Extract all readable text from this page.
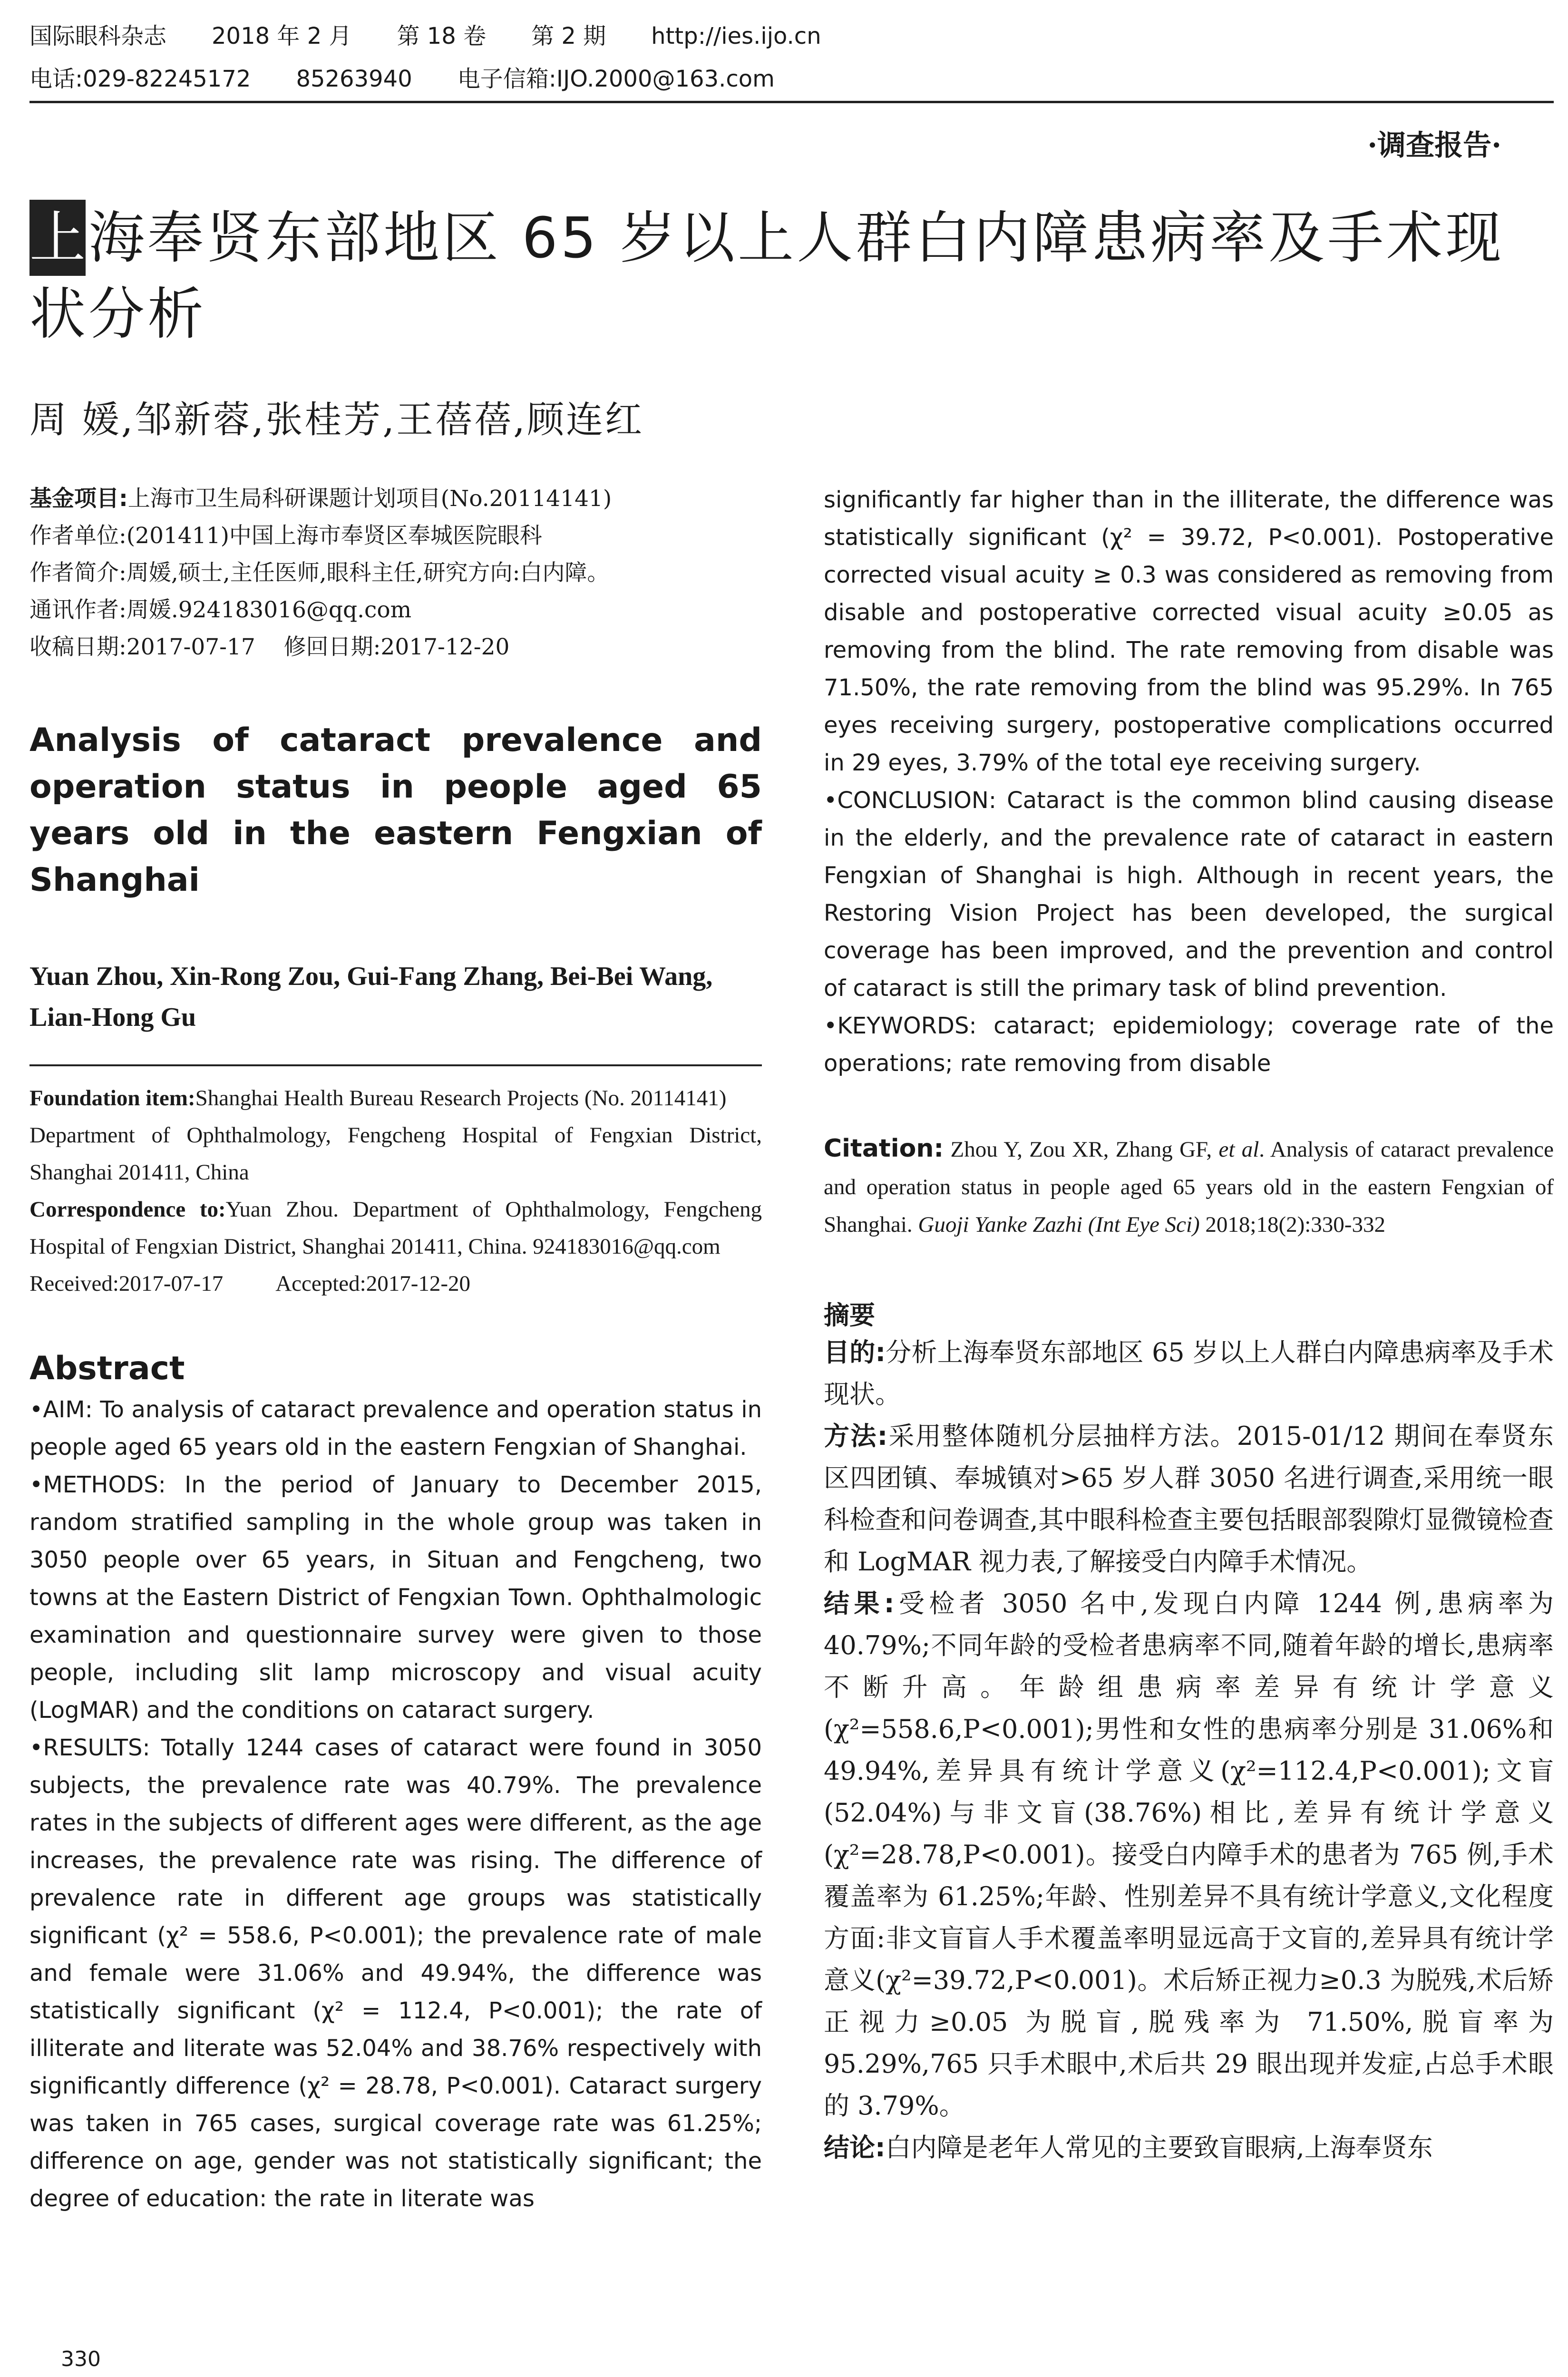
国际眼科杂志 2018 年 2 月 第 18 卷 第 2 期 http://ies.ijo.cn
电话:029-82245172 85263940 电子信箱:IJO.2000@163.com
·调查报告·
上海奉贤东部地区 65 岁以上人群白内障患病率及手术现状分析
周 媛,邹新蓉,张桂芳,王蓓蓓,顾连红
基金项目:上海市卫生局科研课题计划项目(No.20114141)
作者单位:(201411)中国上海市奉贤区奉城医院眼科
作者简介:周媛,硕士,主任医师,眼科主任,研究方向:白内障。
通讯作者:周媛.924183016@qq.com
收稿日期:2017-07-17    修回日期:2017-12-20
Analysis of cataract prevalence and operation status in people aged 65 years old in the eastern Fengxian of Shanghai
Yuan Zhou, Xin-Rong Zou, Gui-Fang Zhang, Bei-Bei Wang, Lian-Hong Gu
Foundation item:Shanghai Health Bureau Research Projects (No. 20114141)
Department of Ophthalmology, Fengcheng Hospital of Fengxian District, Shanghai 201411, China
Correspondence to:Yuan Zhou. Department of Ophthalmology, Fengcheng Hospital of Fengxian District, Shanghai 201411, China. 924183016@qq.com
Received:2017-07-17 Accepted:2017-12-20
Abstract

•AIM: To analysis of cataract prevalence and operation status in people aged 65 years old in the eastern Fengxian of Shanghai.

•METHODS: In the period of January to December 2015, random stratified sampling in the whole group was taken in 3050 people over 65 years, in Situan and Fengcheng, two towns at the Eastern District of Fengxian Town. Ophthalmologic examination and questionnaire survey were given to those people, including slit lamp microscopy and visual acuity (LogMAR) and the conditions on cataract surgery.

•RESULTS: Totally 1244 cases of cataract were found in 3050 subjects, the prevalence rate was 40.79%. The prevalence rates in the subjects of different ages were different, as the age increases, the prevalence rate was rising. The difference of prevalence rate in different age groups was statistically significant (χ² = 558.6, P<0.001); the prevalence rate of male and female were 31.06% and 49.94%, the difference was statistically significant (χ² = 112.4, P<0.001); the rate of illiterate and literate was 52.04% and 38.76% respectively with significantly difference (χ² = 28.78, P<0.001). Cataract surgery was taken in 765 cases, surgical coverage rate was 61.25%; difference on age, gender was not statistically significant; the degree of education: the rate in literate was

significantly far higher than in the illiterate, the difference was statistically significant (χ² = 39.72, P<0.001). Postoperative corrected visual acuity ≥ 0.3 was considered as removing from disable and postoperative corrected visual acuity ≥0.05 as removing from the blind. The rate removing from disable was 71.50%, the rate removing from the blind was 95.29%. In 765 eyes receiving surgery, postoperative complications occurred in 29 eyes, 3.79% of the total eye receiving surgery.

•CONCLUSION: Cataract is the common blind causing disease in the elderly, and the prevalence rate of cataract in eastern Fengxian of Shanghai is high. Although in recent years, the Restoring Vision Project has been developed, the surgical coverage has been improved, and the prevention and control of cataract is still the primary task of blind prevention.

•KEYWORDS: cataract; epidemiology; coverage rate of the operations; rate removing from disable

Citation: Zhou Y, Zou XR, Zhang GF, et al. Analysis of cataract prevalence and operation status in people aged 65 years old in the eastern Fengxian of Shanghai. Guoji Yanke Zazhi (Int Eye Sci) 2018;18(2):330-332
摘要

目的:分析上海奉贤东部地区 65 岁以上人群白内障患病率及手术现状。

方法:采用整体随机分层抽样方法。2015-01/12 期间在奉贤东区四团镇、奉城镇对>65 岁人群 3050 名进行调查,采用统一眼科检查和问卷调查,其中眼科检查主要包括眼部裂隙灯显微镜检查和 LogMAR 视力表,了解接受白内障手术情况。

结果:受检者 3050 名中,发现白内障 1244 例,患病率为 40.79%;不同年龄的受检者患病率不同,随着年龄的增长,患病率不断升高。年龄组患病率差异有统计学意义(χ²=558.6,P<0.001);男性和女性的患病率分别是 31.06%和 49.94%,差异具有统计学意义(χ²=112.4,P<0.001);文盲(52.04%)与非文盲(38.76%)相比,差异有统计学意义(χ²=28.78,P<0.001)。接受白内障手术的患者为 765 例,手术覆盖率为 61.25%;年龄、性别差异不具有统计学意义,文化程度方面:非文盲盲人手术覆盖率明显远高于文盲的,差异具有统计学意义(χ²=39.72,P<0.001)。术后矫正视力≥0.3 为脱残,术后矫正视力≥0.05 为脱盲,脱残率为 71.50%,脱盲率为 95.29%,765 只手术眼中,术后共 29 眼出现并发症,占总手术眼的 3.79%。

结论:白内障是老年人常见的主要致盲眼病,上海奉贤东

330
